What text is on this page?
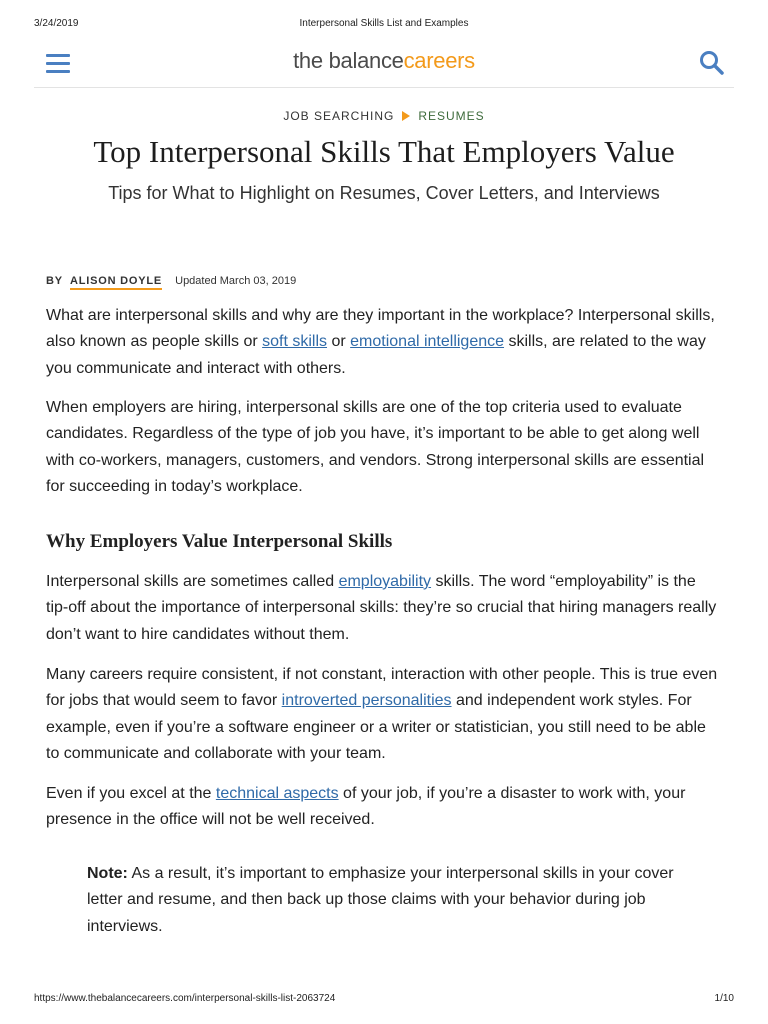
3/24/2019	Interpersonal Skills List and Examples
the balancecareers
JOB SEARCHING RESUMES
Top Interpersonal Skills That Employers Value
Tips for What to Highlight on Resumes, Cover Letters, and Interviews
BY ALISON DOYLE Updated March 03, 2019

What are interpersonal skills and why are they important in the workplace? Interpersonal skills, also known as people skills or soft skills or emotional intelligence skills, are related to the way you communicate and interact with others.

When employers are hiring, interpersonal skills are one of the top criteria used to evaluate candidates. Regardless of the type of job you have, it’s important to be able to get along well with co-workers, managers, customers, and vendors. Strong interpersonal skills are essential for succeeding in today’s workplace.

Why Employers Value Interpersonal Skills

Interpersonal skills are sometimes called employability skills. The word “employability” is the tip-off about the importance of interpersonal skills: they’re so crucial that hiring managers really don’t want to hire candidates without them.

Many careers require consistent, if not constant, interaction with other people. This is true even for jobs that would seem to favor introverted personalities and independent work styles. For example, even if you’re a software engineer or a writer or statistician, you still need to be able to communicate and collaborate with your team.

Even if you excel at the technical aspects of your job, if you’re a disaster to work with, your presence in the office will not be well received.

Note: As a result, it’s important to emphasize your interpersonal skills in your cover letter and resume, and then back up those claims with your behavior during job interviews.
https://www.thebalancecareers.com/interpersonal-skills-list-2063724	1/10
